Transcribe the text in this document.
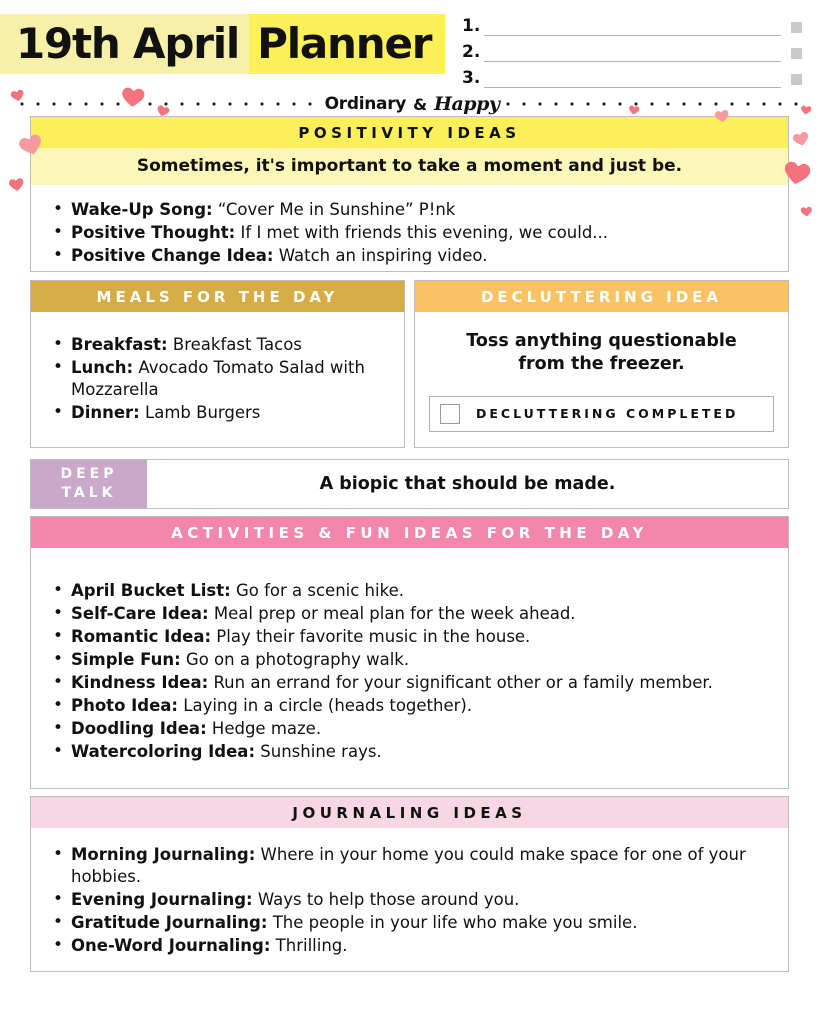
19th April Planner 1.
2.
3.
Ordinary & Happy
POSITIVITY IDEAS
Sometimes, it's important to take a moment and just be.
• Wake-Up Song: “Cover Me in Sunshine” P!nk
• Positive Thought: If I met with friends this evening, we could...
• Positive Change Idea: Watch an inspiring video.
MEALS FOR THE DAY
• Breakfast: Breakfast Tacos
• Lunch: Avocado Tomato Salad with Mozzarella
• Dinner: Lamb Burgers
DECLUTTERING IDEA
Toss anything questionable from the freezer.
DECLUTTERING COMPLETED
DEEP
TALK	A biopic that should be made.
ACTIVITIES & FUN IDEAS FOR THE DAY
• April Bucket List: Go for a scenic hike.
• Self-Care Idea: Meal prep or meal plan for the week ahead.
• Romantic Idea: Play their favorite music in the house.
• Simple Fun: Go on a photography walk.
• Kindness Idea: Run an errand for your significant other or a family member.
• Photo Idea: Laying in a circle (heads together).
• Doodling Idea: Hedge maze.
• Watercoloring Idea: Sunshine rays.
JOURNALING IDEAS
• Morning Journaling: Where in your home you could make space for one of your hobbies.
• Evening Journaling: Ways to help those around you.
• Gratitude Journaling: The people in your life who make you smile.
• One-Word Journaling: Thrilling.
